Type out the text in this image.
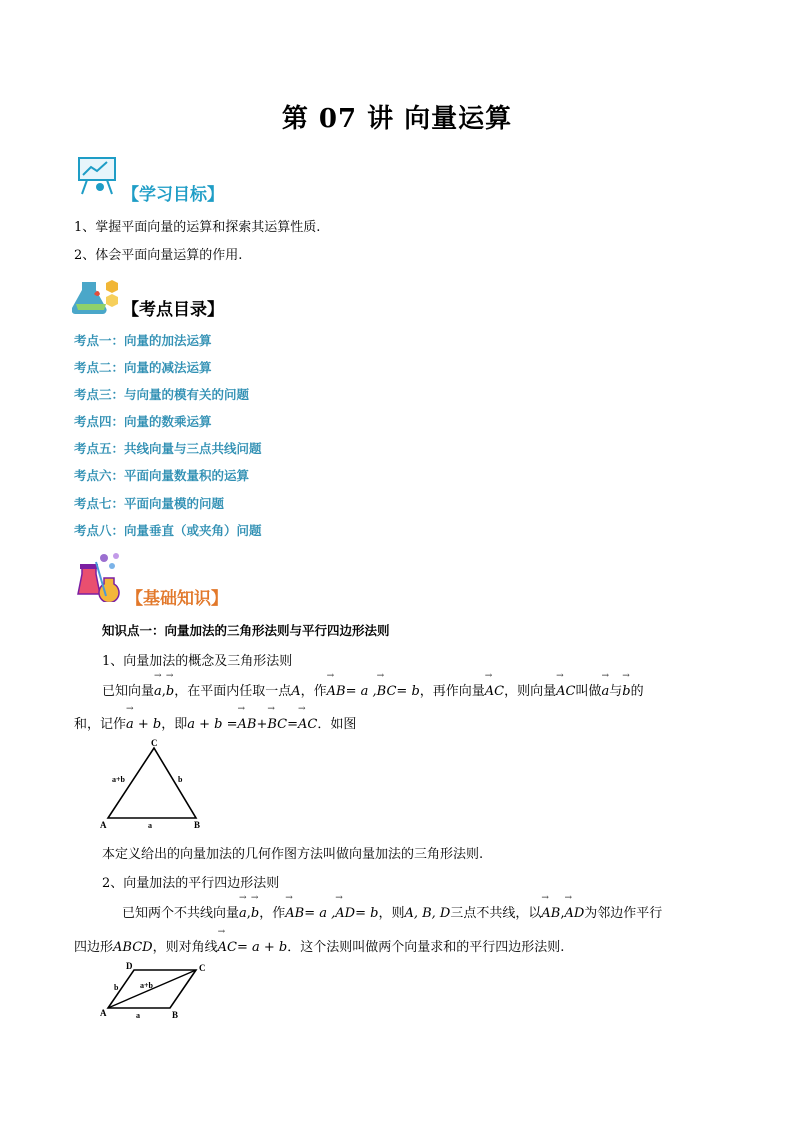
第 07 讲 向量运算
【学习目标】
1、掌握平面向量的运算和探索其运算性质.
2、体会平面向量运算的作用.
【考点目录】
考点一：向量的加法运算
考点二：向量的减法运算
考点三：与向量的模有关的问题
考点四：向量的数乘运算
考点五：共线向量与三点共线问题
考点六：平面向量数量积的运算
考点七：平面向量模的问题
考点八：向量垂直（或夹角）问题
【基础知识】
知识点一：向量加法的三角形法则与平行四边形法则
1、向量加法的概念及三角形法则
已知向量→ a,→ b，在平面内任取一点A，作→ AB= a ,→ BC= b，再作向量→ AC，则向量→ AC叫做→ a与→ b的
和，记作→ a + b，即a + b =→ AB+→ BC=→ AC．如图
C
A	B
a+b	b
a
本定义给出的向量加法的几何作图方法叫做向量加法的三角形法则.
2、向量加法的平行四边形法则
已知两个不共线向量→ a,→ b，作→ AB= a ,→ AD= b，则A, B, D三点不共线，以→ AB,→ AD为邻边作平行
四边形ABCD，则对角线→ AC= a + b．这个法则叫做两个向量求和的平行四边形法则.
D	C
A	B
a+b
b
a
